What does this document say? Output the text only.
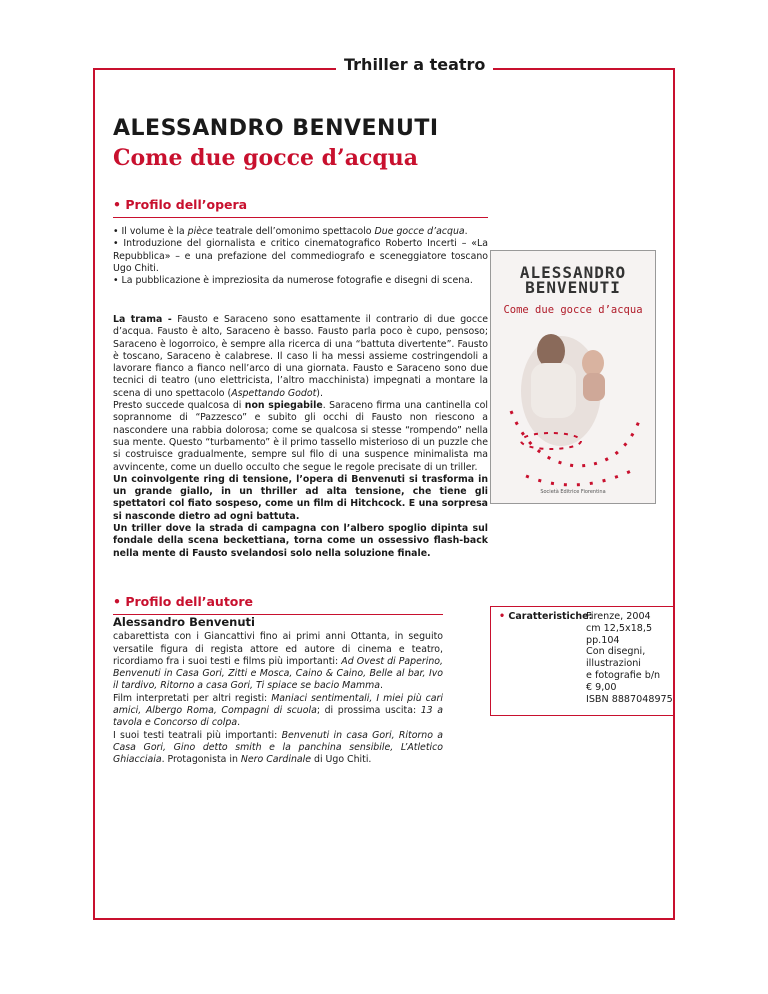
Trhiller a teatro
ALESSANDRO BENVENUTI
Come due gocce d’acqua
• Profilo dell’opera

• Il volume è la pièce teatrale dell’omonimo spettacolo Due gocce d’acqua.

• Introduzione del giornalista e critico cinematografico Roberto Incerti – «La Repubblica» – e una prefazione del commediografo e sceneggiatore toscano Ugo Chiti.

• La pubblicazione è impreziosita da numerose fotografie e disegni di scena.

La trama - Fausto e Saraceno sono esattamente il contrario di due gocce d’acqua. Fausto è alto, Saraceno è basso. Fausto parla poco è cupo, pensoso; Saraceno è logorroico, è sempre alla ricerca di una “battuta divertente”. Fausto è toscano, Saraceno è calabrese. Il caso li ha messi assieme costringendoli a lavorare fianco a fianco nell’arco di una giornata. Fausto e Saraceno sono due tecnici di teatro (uno elettricista, l’altro macchinista) impegnati a montare la scena di uno spettacolo (Aspettando Godot).

Presto succede qualcosa di non spiegabile. Saraceno firma una cantinella col soprannome di “Pazzesco” e subito gli occhi di Fausto non riescono a nascondere una rabbia dolorosa; come se qualcosa si stesse “rompendo” nella sua mente. Questo “turbamento” è il primo tassello misterioso di un puzzle che si costruisce gradualmente, sempre sul filo di una suspence minimalista ma avvincente, come un duello occulto che segue le regole precisate di un triller.

Un coinvolgente ring di tensione, l’opera di Benvenuti si trasforma in un grande giallo, in un thriller ad alta tensione, che tiene gli spettatori col fiato sospeso, come un film di Hitchcock. E una sorpresa si nasconde dietro ad ogni battuta.

Un triller dove la strada di campagna con l’albero spoglio dipinta sul fondale della scena beckettiana, torna come un ossessivo flash-back nella mente di Fausto svelandosi solo nella soluzione finale.

• Profilo dell’autore
Alessandro Benvenuti

cabarettista con i Giancattivi fino ai primi anni Ottanta, in seguito versatile figura di regista attore ed autore di cinema e teatro, ricordiamo fra i suoi testi e films più importanti: Ad Ovest di Paperino, Benvenuti in Casa Gori, Zitti e Mosca, Caino & Caino, Belle al bar, Ivo il tardivo, Ritorno a casa Gori, Ti spiace se bacio Mamma.

Film interpretati per altri registi: Maniaci sentimentali, I miei più cari amici, Albergo Roma, Compagni di scuola; di prossima uscita: 13 a tavola e Concorso di colpa.

I suoi testi teatrali più importanti: Benvenuti in casa Gori, Ritorno a Casa Gori, Gino detto smith e la panchina sensibile, L’Atletico Ghiacciaia. Protagonista in Nero Cardinale di Ugo Chiti.

ALESSANDRO
BENVENUTI
Come due gocce d’acqua
Società Editrice Fiorentina
• Caratteristiche:
Firenze, 2004
cm 12,5x18,5
pp.104
Con disegni,
illustrazioni
e fotografie b/n
€ 9,00
ISBN 8887048975
